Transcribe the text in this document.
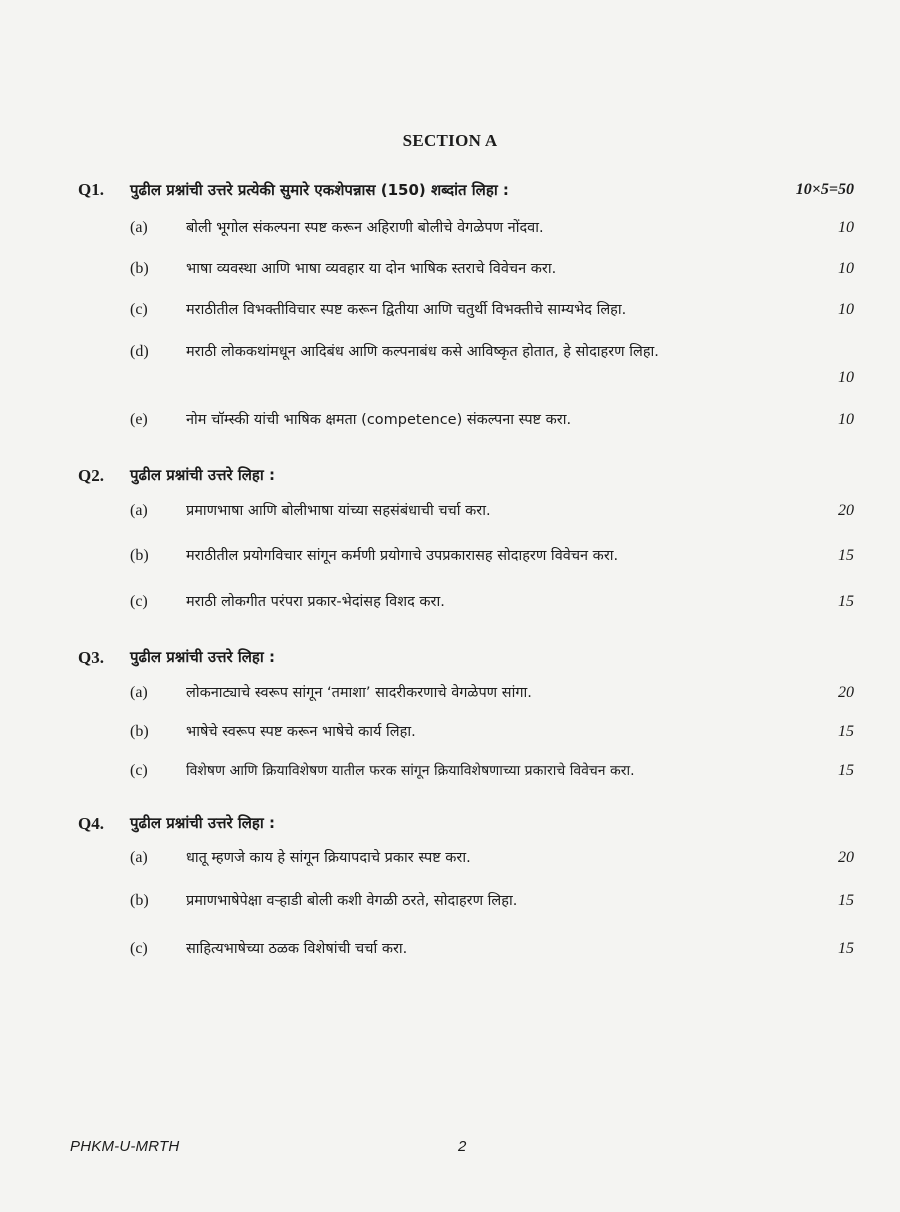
SECTION A
Q1. पुढील प्रश्नांची उत्तरे प्रत्येकी सुमारे एकशेपन्नास (150) शब्दांत लिहा :	10×5=50
(a)	बोली भूगोल संकल्पना स्पष्ट करून अहिराणी बोलीचे वेगळेपण नोंदवा.	10
(b)	भाषा व्यवस्था आणि भाषा व्यवहार या दोन भाषिक स्तराचे विवेचन करा.	10
(c)	मराठीतील विभक्तीविचार स्पष्ट करून द्वितीया आणि चतुर्थी विभक्तीचे साम्यभेद लिहा.	10
(d)	मराठी लोककथांमधून आदिबंध आणि कल्पनाबंध कसे आविष्कृत होतात, हे सोदाहरण लिहा.
10
(e)	नोम चॉम्स्की यांची भाषिक क्षमता (competence) संकल्पना स्पष्ट करा.	10
Q2. पुढील प्रश्नांची उत्तरे लिहा :
(a)	प्रमाणभाषा आणि बोलीभाषा यांच्या सहसंबंधाची चर्चा करा.	20
(b)	मराठीतील प्रयोगविचार सांगून कर्मणी प्रयोगाचे उपप्रकारासह सोदाहरण विवेचन करा.	15
(c)	मराठी लोकगीत परंपरा प्रकार-भेदांसह विशद करा.	15
Q3. पुढील प्रश्नांची उत्तरे लिहा :
(a)	लोकनाट्याचे स्वरूप सांगून ‘तमाशा’ सादरीकरणाचे वेगळेपण सांगा.	20
(b)	भाषेचे स्वरूप स्पष्ट करून भाषेचे कार्य लिहा.	15
(c)	विशेषण आणि क्रियाविशेषण यातील फरक सांगून क्रियाविशेषणाच्या प्रकाराचे विवेचन करा.	15
Q4. पुढील प्रश्नांची उत्तरे लिहा :
(a)	धातू म्हणजे काय हे सांगून क्रियापदाचे प्रकार स्पष्ट करा.	20
(b)	प्रमाणभाषेपेक्षा वऱ्हाडी बोली कशी वेगळी ठरते, सोदाहरण लिहा.	15
(c)	साहित्यभाषेच्या ठळक विशेषांची चर्चा करा.	15
PHKM-U-MRTH	2
